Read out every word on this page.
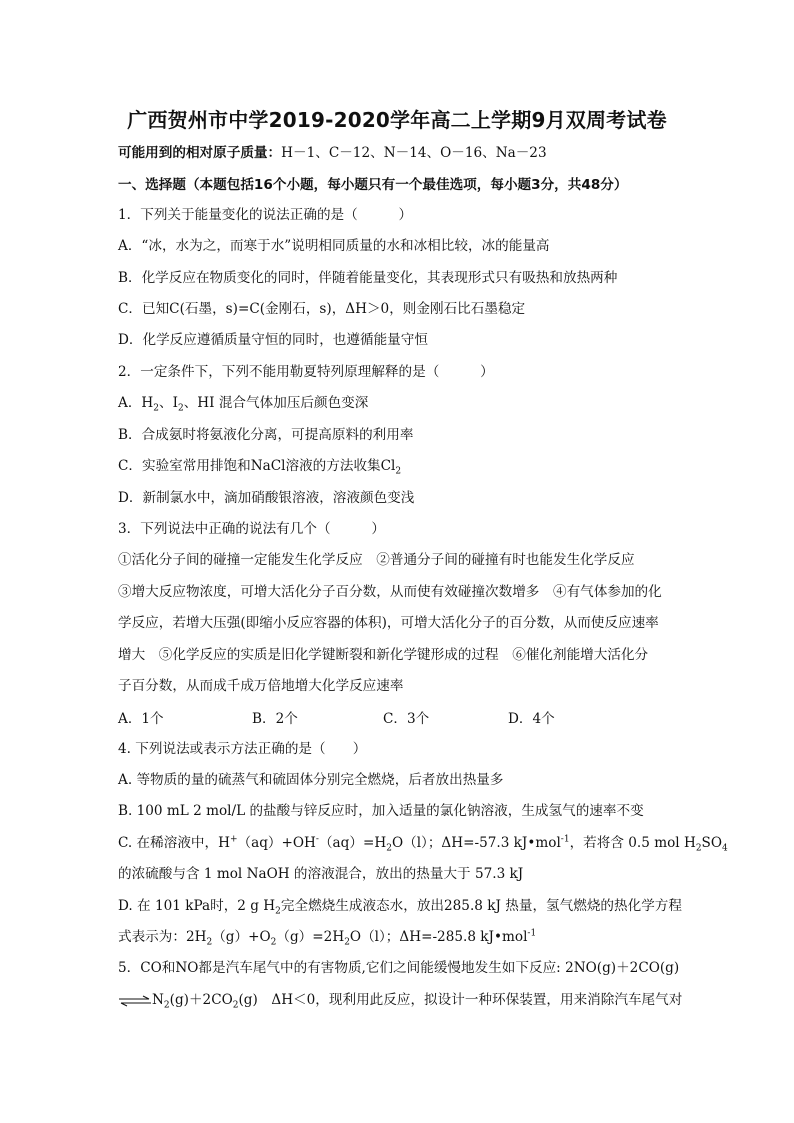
广西贺州市中学2019-2020学年高二上学期9月双周考试卷
可能用到的相对原子质量：H－1、C－12、N－14、O－16、Na－23
一、选择题（本题包括16个小题，每小题只有一个最佳选项，每小题3分，共48分）
1．下列关于能量变化的说法正确的是（　　　）
A．“冰，水为之，而寒于水”说明相同质量的水和冰相比较，冰的能量高
B．化学反应在物质变化的同时，伴随着能量变化，其表现形式只有吸热和放热两种
C．已知C(石墨，s)=C(金刚石，s)，ΔH＞0，则金刚石比石墨稳定
D．化学反应遵循质量守恒的同时，也遵循能量守恒
2．一定条件下，下列不能用勒夏特列原理解释的是（　　　）
A．$H_2$、$I_2$、HI 混合气体加压后颜色变深
B．合成氨时将氨液化分离，可提高原料的利用率
C．实验室常用排饱和NaCl溶液的方法收集$Cl_2$
D．新制氯水中，滴加硝酸银溶液，溶液颜色变浅
3．下列说法中正确的说法有几个（　　　）
①活化分子间的碰撞一定能发生化学反应　②普通分子间的碰撞有时也能发生化学反应
③增大反应物浓度，可增大活化分子百分数，从而使有效碰撞次数增多　④有气体参加的化
学反应，若增大压强(即缩小反应容器的体积)，可增大活化分子的百分数，从而使反应速率
增大　⑤化学反应的实质是旧化学键断裂和新化学键形成的过程　⑥催化剂能增大活化分
子百分数，从而成千成万倍地增大化学反应速率
A．1个	B．2个	C．3个	D．4个
4. 下列说法或表示方法正确的是（　　）
A. 等物质的量的硫蒸气和硫固体分别完全燃烧，后者放出热量多
B. 100 mL 2 mol/L 的盐酸与锌反应时，加入适量的氯化钠溶液，生成氢气的速率不变
C. 在稀溶液中，$H^+(aq)+OH^-(aq)=H_2O(l)$；ΔH=-57.3 kJ•mol$^{-1}$，若将含 0.5 mol $H_2SO_4$
的浓硫酸与含 1 mol NaOH 的溶液混合，放出的热量大于 57.3 kJ
D. 在 101 kPa时，2 g $H_2$完全燃烧生成液态水，放出285.8 kJ 热量，氢气燃烧的热化学方程
式表示为：$2H_2(g)+O_2(g)=2H_2O(l)$；ΔH=-285.8 kJ•mol$^{-1}$
5．CO和NO都是汽车尾气中的有害物质,它们之间能缓慢地发生如下反应: 2NO(g)＋2CO(g)
$\rightleftharpoons N_2(g)+2CO_2(g)$　ΔH＜0，现利用此反应，拟设计一种环保装置，用来消除汽车尾气对
